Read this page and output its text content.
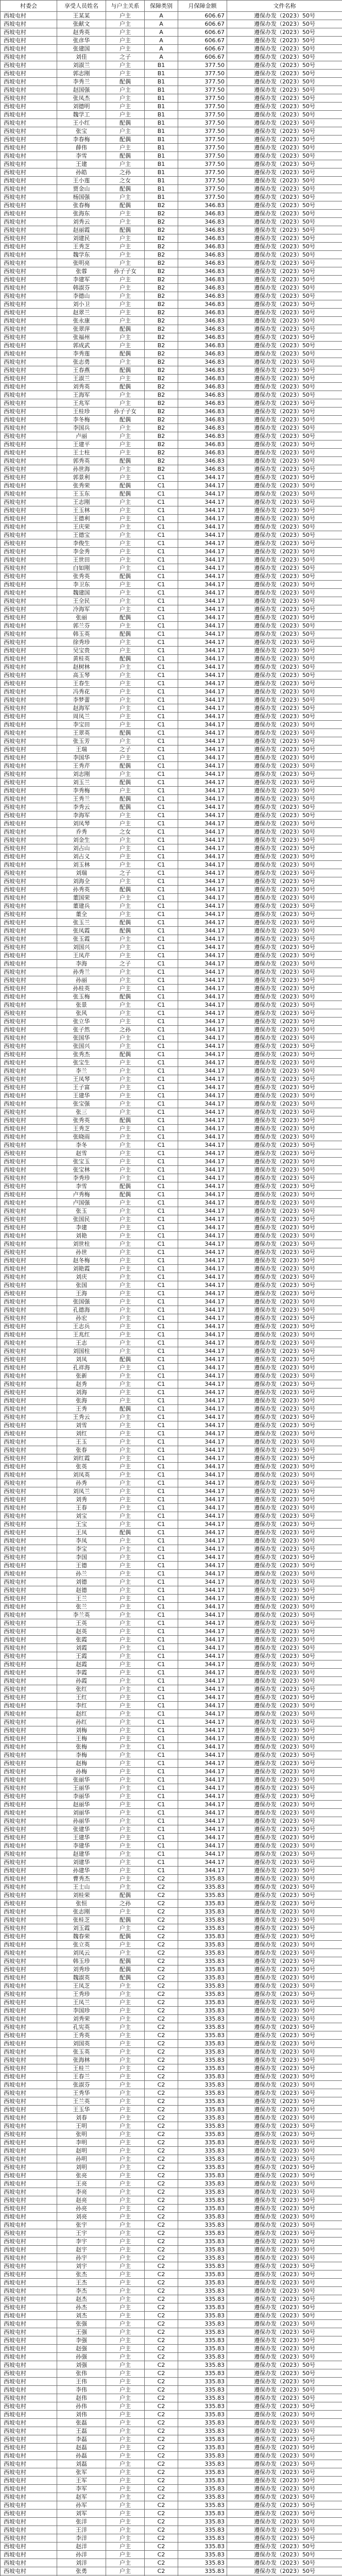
村委会	享受人员姓名	与户主关系	保障类别	月保障金额	文件名称
西坡屯村	王某某	户主	A	606.67	遵保办发（2023）50号
西坡屯村	张献文	户主	A	606.67	遵保办发（2023）50号
西坡屯村	赵秀英	户主	A	606.67	遵保办发（2023）50号
西坡屯村	张彦华	户主	A	606.67	遵保办发（2023）50号
西坡屯村	张建国	户主	A	606.67	遵保办发（2023）50号
西坡屯村	刘佳	之子	A	606.67	遵保办发（2023）50号
西坡屯村	刘淑兰	户主	B1	377.50	遵保办发（2023）50号
西坡屯村	郭志刚	户主	B1	377.50	遵保办发（2023）50号
西坡屯村	李秀兰	配偶	B1	377.50	遵保办发（2023）50号
西坡屯村	赵国强	户主	B1	377.50	遵保办发（2023）50号
西坡屯村	张凤杰	户主	B1	377.50	遵保办发（2023）50号
西坡屯村	刘德明	户主	B1	377.50	遵保办发（2023）50号
西坡屯村	魏学工	户主	B1	377.50	遵保办发（2023）50号
西坡屯村	王小红	配偶	B1	377.50	遵保办发（2023）50号
西坡屯村	张宝	户主	B1	377.50	遵保办发（2023）50号
西坡屯村	李春梅	配偶	B1	377.50	遵保办发（2023）50号
西坡屯村	薛伟	户主	B1	377.50	遵保办发（2023）50号
西坡屯村	李雪	配偶	B1	377.50	遵保办发（2023）50号
西坡屯村	王建	户主	B1	377.50	遵保办发（2023）50号
西坡屯村	孙皓	之孙	B1	377.50	遵保办发（2023）50号
西坡屯村	王小莲	之女	B1	377.50	遵保办发（2023）50号
西坡屯村	贾金山	配偶	B1	377.50	遵保办发（2023）50号
西坡屯村	杨国强	户主	B1	377.50	遵保办发（2023）50号
西坡屯村	张春梅	配偶	B2	346.83	遵保办发（2023）50号
西坡屯村	张海东	户主	B2	346.83	遵保办发（2023）50号
西坡屯村	刘秀云	户主	B2	346.83	遵保办发（2023）50号
西坡屯村	赵丽霞	配偶	B2	346.83	遵保办发（2023）50号
西坡屯村	刘建民	户主	B2	346.83	遵保办发（2023）50号
西坡屯村	王秀芝	户主	B2	346.83	遵保办发（2023）50号
西坡屯村	魏学东	户主	B2	346.83	遵保办发（2023）50号
西坡屯村	张明亮	户主	B2	346.83	遵保办发（2023）50号
西坡屯村	张蓉	孙子子女	B2	346.83	遵保办发（2023）50号
西坡屯村	李建军	户主	B2	346.83	遵保办发（2023）50号
西坡屯村	韩淑芬	户主	B2	346.83	遵保办发（2023）50号
西坡屯村	李德山	户主	B2	346.83	遵保办发（2023）50号
西坡屯村	刘小卫	户主	B2	346.83	遵保办发（2023）50号
西坡屯村	赵翠兰	户主	B2	346.83	遵保办发（2023）50号
西坡屯村	张永康	户主	B2	346.83	遵保办发（2023）50号
西坡屯村	张翠萍	配偶	B2	346.83	遵保办发（2023）50号
西坡屯村	张福州	户主	B2	346.83	遵保办发（2023）50号
西坡屯村	郭成武	户主	B2	346.83	遵保办发（2023）50号
西坡屯村	李秀莲	配偶	B2	346.83	遵保办发（2023）50号
西坡屯村	张志勇	户主	B2	346.83	遵保办发（2023）50号
西坡屯村	王春燕	配偶	B2	346.83	遵保办发（2023）50号
西坡屯村	王淑兰	户主	B2	346.83	遵保办发（2023）50号
西坡屯村	刘秀英	配偶	B2	346.83	遵保办发（2023）50号
西坡屯村	王海军	户主	B2	346.83	遵保办发（2023）50号
西坡屯村	王兆军	户主	B2	346.83	遵保办发（2023）50号
西坡屯村	王桂珍	孙子子女	B2	346.83	遵保办发（2023）50号
西坡屯村	李冬梅	配偶	B2	346.83	遵保办发（2023）50号
西坡屯村	李国兵	户主	B2	346.83	遵保办发（2023）50号
西坡屯村	卢丽	户主	B2	346.83	遵保办发（2023）50号
西坡屯村	王建平	户主	B2	346.83	遵保办发（2023）50号
西坡屯村	王士柱	户主	B2	346.83	遵保办发（2023）50号
西坡屯村	郭秀英	配偶	B2	346.83	遵保办发（2023）50号
西坡屯村	孙世海	户主	B2	346.83	遵保办发（2023）50号
西坡屯村	郭景利	户主	C1	344.17	遵保办发（2023）50号
西坡屯村	张秀荣	配偶	C1	344.17	遵保办发（2023）50号
西坡屯村	王玉东	配偶	C1	344.17	遵保办发（2023）50号
西坡屯村	王志刚	户主	C1	344.17	遵保办发（2023）50号
西坡屯村	王玉林	户主	C1	344.17	遵保办发（2023）50号
西坡屯村	王德利	户主	C1	344.17	遵保办发（2023）50号
西坡屯村	王庆荣	户主	C1	344.17	遵保办发（2023）50号
西坡屯村	王德宝	户主	C1	344.17	遵保办发（2023）50号
西坡屯村	李俊生	户主	C1	344.17	遵保办发（2023）50号
西坡屯村	李金秀	户主	C1	344.17	遵保办发（2023）50号
西坡屯村	王世田	户主	C1	344.17	遵保办发（2023）50号
西坡屯村	白如刚	户主	C1	344.17	遵保办发（2023）50号
西坡屯村	张秀英	配偶	C1	344.17	遵保办发（2023）50号
西坡屯村	李卫东	户主	C1	344.17	遵保办发（2023）50号
西坡屯村	魏建国	户主	C1	344.17	遵保办发（2023）50号
西坡屯村	王全民	户主	C1	344.17	遵保办发（2023）50号
西坡屯村	冷海军	户主	C1	344.17	遵保办发（2023）50号
西坡屯村	张丽	配偶	C1	344.17	遵保办发（2023）50号
西坡屯村	郭兰芬	户主	C1	344.17	遵保办发（2023）50号
西坡屯村	韩玉英	配偶	C1	344.17	遵保办发（2023）50号
西坡屯村	徐秀珍	户主	C1	344.17	遵保办发（2023）50号
西坡屯村	吴宝贵	户主	C1	344.17	遵保办发（2023）50号
西坡屯村	黄桂英	配偶	C1	344.17	遵保办发（2023）50号
西坡屯村	赵树林	户主	C1	344.17	遵保办发（2023）50号
西坡屯村	高玉琴	户主	C1	344.17	遵保办发（2023）50号
西坡屯村	王春生	户主	C1	344.17	遵保办发（2023）50号
西坡屯村	冯秀花	户主	C1	344.17	遵保办发（2023）50号
西坡屯村	李梦蕾	户主	C1	344.17	遵保办发（2023）50号
西坡屯村	赵海军	户主	C1	344.17	遵保办发（2023）50号
西坡屯村	周凤兰	户主	C1	344.17	遵保办发（2023）50号
西坡屯村	李宝田	户主	C1	344.17	遵保办发（2023）50号
西坡屯村	王翠英	配偶	C1	344.17	遵保办发（2023）50号
西坡屯村	张玉芳	户主	C1	344.17	遵保办发（2023）50号
西坡屯村	王瑞	之子	C1	344.17	遵保办发（2023）50号
西坡屯村	李国华	户主	C1	344.17	遵保办发（2023）50号
西坡屯村	王秀芹	配偶	C1	344.17	遵保办发（2023）50号
西坡屯村	刘志刚	户主	C1	344.17	遵保办发（2023）50号
西坡屯村	刘玉兰	配偶	C1	344.17	遵保办发（2023）50号
西坡屯村	李秀梅	户主	C1	344.17	遵保办发（2023）50号
西坡屯村	王秀兰	配偶	C1	344.17	遵保办发（2023）50号
西坡屯村	李秀云	配偶	C1	344.17	遵保办发（2023）50号
西坡屯村	李海军	户主	C1	344.17	遵保办发（2023）50号
西坡屯村	刘凤琴	户主	C1	344.17	遵保办发（2023）50号
西坡屯村	乔秀	之女	C1	344.17	遵保办发（2023）50号
西坡屯村	刘金生	户主	C1	344.17	遵保办发（2023）50号
西坡屯村	刘占山	户主	C1	344.17	遵保办发（2023）50号
西坡屯村	刘占义	户主	C1	344.17	遵保办发（2023）50号
西坡屯村	刘玉林	户主	C1	344.17	遵保办发（2023）50号
西坡屯村	刘瑞	之子	C1	344.17	遵保办发（2023）50号
西坡屯村	刘海全	户主	C1	344.17	遵保办发（2023）50号
西坡屯村	孙秀英	配偶	C1	344.17	遵保办发（2023）50号
西坡屯村	董国荣	户主	C1	344.17	遵保办发（2023）50号
西坡屯村	董建兵	户主	C1	344.17	遵保办发（2023）50号
西坡屯村	董全	户主	C1	344.17	遵保办发（2023）50号
西坡屯村	张玉兰	配偶	C1	344.17	遵保办发（2023）50号
西坡屯村	张凤霞	配偶	C1	344.17	遵保办发（2023）50号
西坡屯村	张玉霞	户主	C1	344.17	遵保办发（2023）50号
西坡屯村	刘国兴	户主	C1	344.17	遵保办发（2023）50号
西坡屯村	王凤芹	户主	C1	344.17	遵保办发（2023）50号
西坡屯村	李海	之子	C1	344.17	遵保办发（2023）50号
西坡屯村	孙秀兰	户主	C1	344.17	遵保办发（2023）50号
西坡屯村	孙丽	户主	C1	344.17	遵保办发（2023）50号
西坡屯村	孙桂英	户主	C1	344.17	遵保办发（2023）50号
西坡屯村	张玉梅	配偶	C1	344.17	遵保办发（2023）50号
西坡屯村	张景	户主	C1	344.17	遵保办发（2023）50号
西坡屯村	张风	户主	C1	344.17	遵保办发（2023）50号
西坡屯村	张立华	户主	C1	344.17	遵保办发（2023）50号
西坡屯村	张子然	之孙	C1	344.17	遵保办发（2023）50号
西坡屯村	张国华	户主	C1	344.17	遵保办发（2023）50号
西坡屯村	张国兴	户主	C1	344.17	遵保办发（2023）50号
西坡屯村	张秀杰	配偶	C1	344.17	遵保办发（2023）50号
西坡屯村	张宝生	户主	C1	344.17	遵保办发（2023）50号
西坡屯村	李兰	户主	C1	344.17	遵保办发（2023）50号
西坡屯村	王凤琴	户主	C1	344.17	遵保办发（2023）50号
西坡屯村	王子富	户主	C1	344.17	遵保办发（2023）50号
西坡屯村	王建华	户主	C1	344.17	遵保办发（2023）50号
西坡屯村	张宝强	户主	C1	344.17	遵保办发（2023）50号
西坡屯村	张三	户主	C1	344.17	遵保办发（2023）50号
西坡屯村	张秀英	配偶	C1	344.17	遵保办发（2023）50号
西坡屯村	王秀芝	户主	C1	344.17	遵保办发（2023）50号
西坡屯村	张晓雨	户主	C1	344.17	遵保办发（2023）50号
西坡屯村	李冬	户主	C1	344.17	遵保办发（2023）50号
西坡屯村	赵雪	户主	C1	344.17	遵保办发（2023）50号
西坡屯村	张宝玉	户主	C1	344.17	遵保办发（2023）50号
西坡屯村	张宝林	户主	C1	344.17	遵保办发（2023）50号
西坡屯村	李秀珍	户主	C1	344.17	遵保办发（2023）50号
西坡屯村	李雪	配偶	C1	344.17	遵保办发（2023）50号
西坡屯村	卢秀梅	配偶	C1	344.17	遵保办发（2023）50号
西坡屯村	卢国强	户主	C1	344.17	遵保办发（2023）50号
西坡屯村	张玉	户主	C1	344.17	遵保办发（2023）50号
西坡屯村	张国民	户主	C1	344.17	遵保办发（2023）50号
西坡屯村	李建	户主	C1	344.17	遵保办发（2023）50号
西坡屯村	刘艳	户主	C1	344.17	遵保办发（2023）50号
西坡屯村	刘世柱	户主	C1	344.17	遵保办发（2023）50号
西坡屯村	孙世	户主	C1	344.17	遵保办发（2023）50号
西坡屯村	赵冬梅	户主	C1	344.17	遵保办发（2023）50号
西坡屯村	刘艳霞	户主	C1	344.17	遵保办发（2023）50号
西坡屯村	刘庆	户主	C1	344.17	遵保办发（2023）50号
西坡屯村	张国	户主	C1	344.17	遵保办发（2023）50号
西坡屯村	王海	户主	C1	344.17	遵保办发（2023）50号
西坡屯村	张国强	户主	C1	344.17	遵保办发（2023）50号
西坡屯村	孔德海	户主	C1	344.17	遵保办发（2023）50号
西坡屯村	孙宏	户主	C1	344.17	遵保办发（2023）50号
西坡屯村	王志兵	户主	C1	344.17	遵保办发（2023）50号
西坡屯村	王兆红	户主	C1	344.17	遵保办发（2023）50号
西坡屯村	王志	户主	C1	344.17	遵保办发（2023）50号
西坡屯村	刘国柱	户主	C1	344.17	遵保办发（2023）50号
西坡屯村	刘凤	配偶	C1	344.17	遵保办发（2023）50号
西坡屯村	孔祥海	户主	C1	344.17	遵保办发（2023）50号
西坡屯村	张新	户主	C1	344.17	遵保办发（2023）50号
西坡屯村	赵秀	户主	C1	344.17	遵保办发（2023）50号
西坡屯村	刘海	户主	C1	344.17	遵保办发（2023）50号
西坡屯村	张海	户主	C1	344.17	遵保办发（2023）50号
西坡屯村	王秀	配偶	C1	344.17	遵保办发（2023）50号
西坡屯村	王秀云	户主	C1	344.17	遵保办发（2023）50号
西坡屯村	刘雪	户主	C1	344.17	遵保办发（2023）50号
西坡屯村	刘红	户主	C1	344.17	遵保办发（2023）50号
西坡屯村	王玉	户主	C1	344.17	遵保办发（2023）50号
西坡屯村	张春	户主	C1	344.17	遵保办发（2023）50号
西坡屯村	刘红霞	户主	C1	344.17	遵保办发（2023）50号
西坡屯村	张英	户主	C1	344.17	遵保办发（2023）50号
西坡屯村	刘凤英	户主	C1	344.17	遵保办发（2023）50号
西坡屯村	孙秀	户主	C1	344.17	遵保办发（2023）50号
西坡屯村	刘凤兰	户主	C1	344.17	遵保办发（2023）50号
西坡屯村	刘秀	户主	C1	344.17	遵保办发（2023）50号
西坡屯村	王春	户主	C1	344.17	遵保办发（2023）50号
西坡屯村	刘宝	户主	C1	344.17	遵保办发（2023）50号
西坡屯村	王宝	户主	C1	344.17	遵保办发（2023）50号
西坡屯村	王凤	配偶	C1	344.17	遵保办发（2023）50号
西坡屯村	李凤	户主	C1	344.17	遵保办发（2023）50号
西坡屯村	李宝	户主	C1	344.17	遵保办发（2023）50号
西坡屯村	李国	户主	C1	344.17	遵保办发（2023）50号
西坡屯村	王德	户主	C1	344.17	遵保办发（2023）50号
西坡屯村	孙兰	户主	C1	344.17	遵保办发（2023）50号
西坡屯村	刘德	户主	C1	344.17	遵保办发（2023）50号
西坡屯村	赵德	户主	C1	344.17	遵保办发（2023）50号
西坡屯村	王兰	户主	C1	344.17	遵保办发（2023）50号
西坡屯村	张兰	户主	C1	344.17	遵保办发（2023）50号
西坡屯村	李兰英	户主	C1	344.17	遵保办发（2023）50号
西坡屯村	王英	户主	C1	344.17	遵保办发（2023）50号
西坡屯村	赵英	户主	C1	344.17	遵保办发（2023）50号
西坡屯村	张霞	户主	C1	344.17	遵保办发（2023）50号
西坡屯村	刘霞	户主	C1	344.17	遵保办发（2023）50号
西坡屯村	王霞	户主	C1	344.17	遵保办发（2023）50号
西坡屯村	赵霞	户主	C1	344.17	遵保办发（2023）50号
西坡屯村	李霞	户主	C1	344.17	遵保办发（2023）50号
西坡屯村	孙霞	户主	C1	344.17	遵保办发（2023）50号
西坡屯村	张红	户主	C1	344.17	遵保办发（2023）50号
西坡屯村	王红	户主	C1	344.17	遵保办发（2023）50号
西坡屯村	李红	户主	C1	344.17	遵保办发（2023）50号
西坡屯村	赵红	户主	C1	344.17	遵保办发（2023）50号
西坡屯村	孙红	户主	C1	344.17	遵保办发（2023）50号
西坡屯村	刘梅	户主	C1	344.17	遵保办发（2023）50号
西坡屯村	王梅	户主	C1	344.17	遵保办发（2023）50号
西坡屯村	张梅	户主	C1	344.17	遵保办发（2023）50号
西坡屯村	李梅	户主	C1	344.17	遵保办发（2023）50号
西坡屯村	赵梅	户主	C1	344.17	遵保办发（2023）50号
西坡屯村	孙梅	户主	C1	344.17	遵保办发（2023）50号
西坡屯村	张丽华	户主	C1	344.17	遵保办发（2023）50号
西坡屯村	王丽华	户主	C1	344.17	遵保办发（2023）50号
西坡屯村	李丽华	户主	C1	344.17	遵保办发（2023）50号
西坡屯村	赵丽华	户主	C1	344.17	遵保办发（2023）50号
西坡屯村	刘丽华	户主	C1	344.17	遵保办发（2023）50号
西坡屯村	孙丽华	户主	C1	344.17	遵保办发（2023）50号
西坡屯村	张建华	户主	C1	344.17	遵保办发（2023）50号
西坡屯村	王建华	户主	C1	344.17	遵保办发（2023）50号
西坡屯村	李建华	户主	C1	344.17	遵保办发（2023）50号
西坡屯村	赵建华	户主	C1	344.17	遵保办发（2023）50号
西坡屯村	刘建华	户主	C1	344.17	遵保办发（2023）50号
西坡屯村	孙建华	户主	C1	344.17	遵保办发（2023）50号
西坡屯村	曹秀杰	户主	C2	335.83	遵保办发（2023）50号
西坡屯村	王士山	户主	C2	335.83	遵保办发（2023）50号
西坡屯村	刘桂荣	配偶	C2	335.83	遵保办发（2023）50号
西坡屯村	张恒	之孙	C2	335.83	遵保办发（2023）50号
西坡屯村	张志刚	户主	C2	335.83	遵保办发（2023）50号
西坡屯村	张桂芝	配偶	C2	335.83	遵保办发（2023）50号
西坡屯村	刘玉霞	户主	C2	335.83	遵保办发（2023）50号
西坡屯村	魏春荣	配偶	C2	335.83	遵保办发（2023）50号
西坡屯村	张立英	户主	C2	335.83	遵保办发（2023）50号
西坡屯村	刘凤云	户主	C2	335.83	遵保办发（2023）50号
西坡屯村	韩玉珍	配偶	C2	335.83	遵保办发（2023）50号
西坡屯村	刘秀珍	配偶	C2	335.83	遵保办发（2023）50号
西坡屯村	魏淑英	配偶	C2	335.83	遵保办发（2023）50号
西坡屯村	王凤芝	户主	C2	335.83	遵保办发（2023）50号
西坡屯村	王秀珍	户主	C2	335.83	遵保办发（2023）50号
西坡屯村	王凤兰	户主	C2	335.83	遵保办发（2023）50号
西坡屯村	李国珍	户主	C2	335.83	遵保办发（2023）50号
西坡屯村	刘秀荣	户主	C2	335.83	遵保办发（2023）50号
西坡屯村	孔宪英	户主	C2	335.83	遵保办发（2023）50号
西坡屯村	王秀英	户主	C2	335.83	遵保办发（2023）50号
西坡屯村	刘国英	户主	C2	335.83	遵保办发（2023）50号
西坡屯村	张玉英	户主	C2	335.83	遵保办发（2023）50号
西坡屯村	张海林	户主	C2	335.83	遵保办发（2023）50号
西坡屯村	王桂兰	户主	C2	335.83	遵保办发（2023）50号
西坡屯村	王春兰	户主	C2	335.83	遵保办发（2023）50号
西坡屯村	张淑芬	户主	C2	335.83	遵保办发（2023）50号
西坡屯村	王秀华	户主	C2	335.83	遵保办发（2023）50号
西坡屯村	王兰英	户主	C2	335.83	遵保办发（2023）50号
西坡屯村	王玉华	户主	C2	335.83	遵保办发（2023）50号
西坡屯村	刘春	户主	C2	335.83	遵保办发（2023）50号
西坡屯村	王明	户主	C2	335.83	遵保办发（2023）50号
西坡屯村	张明	户主	C2	335.83	遵保办发（2023）50号
西坡屯村	李明	户主	C2	335.83	遵保办发（2023）50号
西坡屯村	赵明	户主	C2	335.83	遵保办发（2023）50号
西坡屯村	孙明	户主	C2	335.83	遵保办发（2023）50号
西坡屯村	刘明	户主	C2	335.83	遵保办发（2023）50号
西坡屯村	张亮	户主	C2	335.83	遵保办发（2023）50号
西坡屯村	王亮	户主	C2	335.83	遵保办发（2023）50号
西坡屯村	李亮	户主	C2	335.83	遵保办发（2023）50号
西坡屯村	赵亮	户主	C2	335.83	遵保办发（2023）50号
西坡屯村	孙亮	户主	C2	335.83	遵保办发（2023）50号
西坡屯村	刘亮	户主	C2	335.83	遵保办发（2023）50号
西坡屯村	张宇	户主	C2	335.83	遵保办发（2023）50号
西坡屯村	王宇	户主	C2	335.83	遵保办发（2023）50号
西坡屯村	李宇	户主	C2	335.83	遵保办发（2023）50号
西坡屯村	赵宇	户主	C2	335.83	遵保办发（2023）50号
西坡屯村	孙宇	户主	C2	335.83	遵保办发（2023）50号
西坡屯村	刘宇	户主	C2	335.83	遵保办发（2023）50号
西坡屯村	张杰	户主	C2	335.83	遵保办发（2023）50号
西坡屯村	王杰	户主	C2	335.83	遵保办发（2023）50号
西坡屯村	李杰	户主	C2	335.83	遵保办发（2023）50号
西坡屯村	赵杰	户主	C2	335.83	遵保办发（2023）50号
西坡屯村	孙杰	户主	C2	335.83	遵保办发（2023）50号
西坡屯村	刘杰	户主	C2	335.83	遵保办发（2023）50号
西坡屯村	张强	户主	C2	335.83	遵保办发（2023）50号
西坡屯村	王强	户主	C2	335.83	遵保办发（2023）50号
西坡屯村	李强	户主	C2	335.83	遵保办发（2023）50号
西坡屯村	赵强	户主	C2	335.83	遵保办发（2023）50号
西坡屯村	孙强	户主	C2	335.83	遵保办发（2023）50号
西坡屯村	刘强	户主	C2	335.83	遵保办发（2023）50号
西坡屯村	张伟	户主	C2	335.83	遵保办发（2023）50号
西坡屯村	王伟	户主	C2	335.83	遵保办发（2023）50号
西坡屯村	李伟	户主	C2	335.83	遵保办发（2023）50号
西坡屯村	赵伟	户主	C2	335.83	遵保办发（2023）50号
西坡屯村	孙伟	户主	C2	335.83	遵保办发（2023）50号
西坡屯村	刘伟	户主	C2	335.83	遵保办发（2023）50号
西坡屯村	张磊	户主	C2	335.83	遵保办发（2023）50号
西坡屯村	王磊	户主	C2	335.83	遵保办发（2023）50号
西坡屯村	李磊	户主	C2	335.83	遵保办发（2023）50号
西坡屯村	赵磊	户主	C2	335.83	遵保办发（2023）50号
西坡屯村	孙磊	户主	C2	335.83	遵保办发（2023）50号
西坡屯村	刘磊	户主	C2	335.83	遵保办发（2023）50号
西坡屯村	张军	户主	C2	335.83	遵保办发（2023）50号
西坡屯村	王军	户主	C2	335.83	遵保办发（2023）50号
西坡屯村	李军	户主	C2	335.83	遵保办发（2023）50号
西坡屯村	赵军	户主	C2	335.83	遵保办发（2023）50号
西坡屯村	孙军	户主	C2	335.83	遵保办发（2023）50号
西坡屯村	刘军	户主	C2	335.83	遵保办发（2023）50号
西坡屯村	张洋	户主	C2	335.83	遵保办发（2023）50号
西坡屯村	王洋	户主	C2	335.83	遵保办发（2023）50号
西坡屯村	李洋	户主	C2	335.83	遵保办发（2023）50号
西坡屯村	赵洋	户主	C2	335.83	遵保办发（2023）50号
西坡屯村	孙洋	户主	C2	335.83	遵保办发（2023）50号
西坡屯村	刘洋	户主	C2	335.83	遵保办发（2023）50号
西坡屯村	张勇	户主	C2	335.83	遵保办发（2023）50号
